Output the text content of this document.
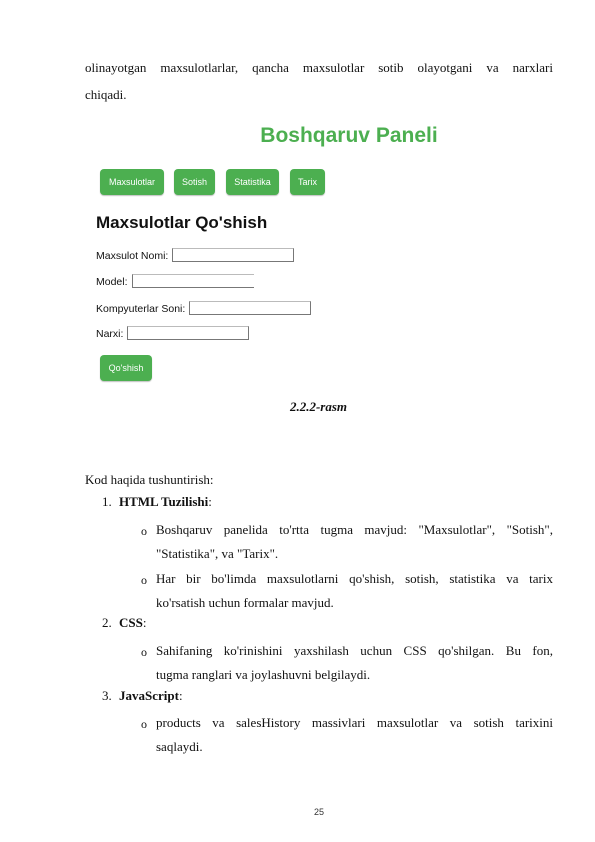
olinayotgan maxsulotlarlar, qancha maxsulotlar sotib olayotgani va narxlari
chiqadi.
Boshqaruv Paneli
Maxsulotlar	Sotish	Statistika	Tarix
Maxsulotlar Qo'shish
Maxsulot Nomi:
Model:
Kompyuterlar Soni:
Narxi:
Qo'shish
2.2.2-rasm
Kod haqida tushuntirish:
1. HTML Tuzilishi:
o Boshqaruv panelida to'rtta tugma mavjud: "Maxsulotlar", "Sotish",
"Statistika", va "Tarix".
o Har bir bo'limda maxsulotlarni qo'shish, sotish, statistika va tarix
ko'rsatish uchun formalar mavjud.
2. CSS:
o Sahifaning ko'rinishini yaxshilash uchun CSS qo'shilgan. Bu fon,
tugma ranglari va joylashuvni belgilaydi.
3. JavaScript:
o products va salesHistory massivlari maxsulotlar va sotish tarixini
saqlaydi.
25
